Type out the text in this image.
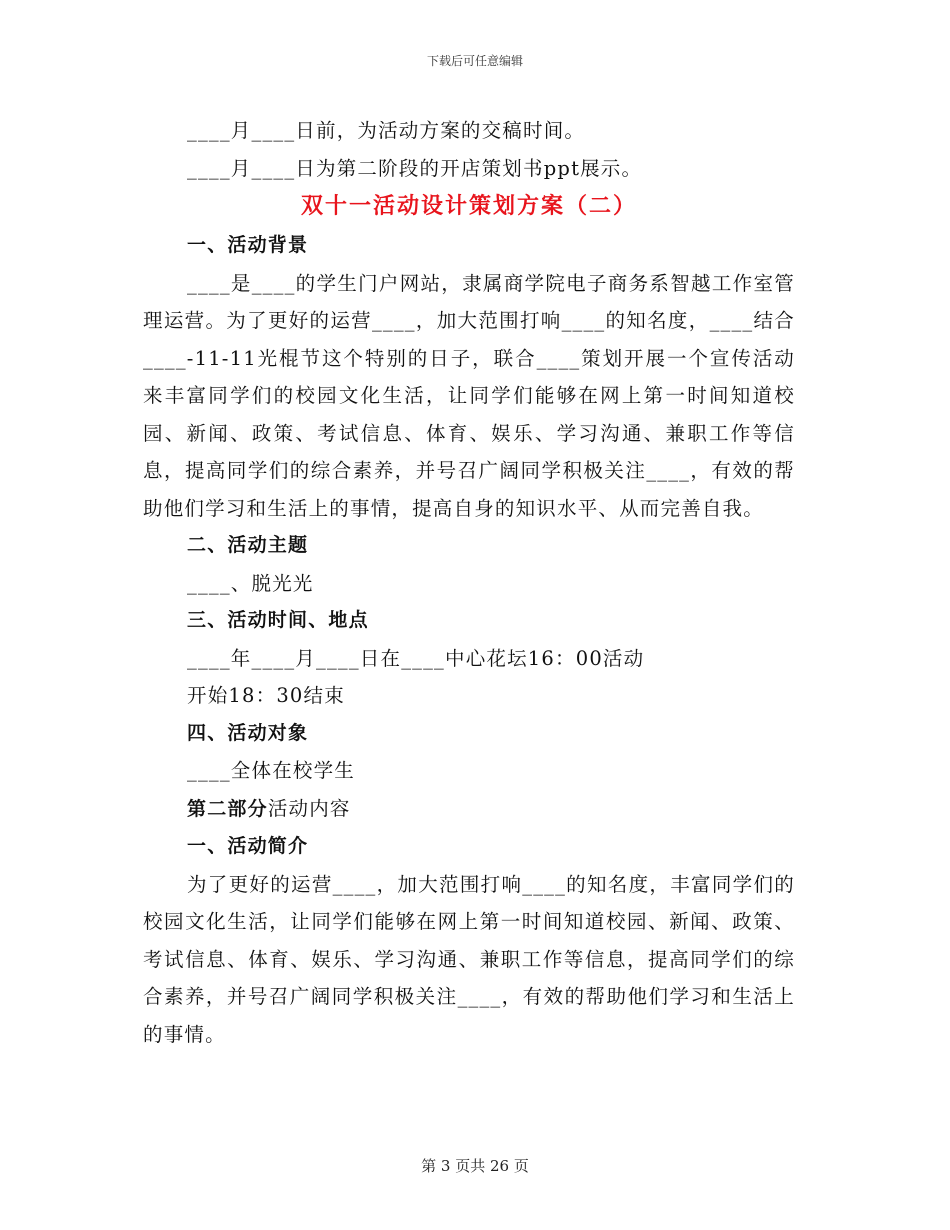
下载后可任意编辑

____月____日前，为活动方案的交稿时间。

____月____日为第二阶段的开店策划书ppt展示。

双十一活动设计策划方案（二）

一、活动背景

____是____的学生门户网站，隶属商学院电子商务系智越工作室管理运营。为了更好的运营____，加大范围打响____的知名度，____结合____-11-11光棍节这个特别的日子，联合____策划开展一个宣传活动来丰富同学们的校园文化生活，让同学们能够在网上第一时间知道校园、新闻、政策、考试信息、体育、娱乐、学习沟通、兼职工作等信息，提高同学们的综合素养，并号召广阔同学积极关注____，有效的帮助他们学习和生活上的事情，提高自身的知识水平、从而完善自我。

二、活动主题

____、脱光光

三、活动时间、地点

____年____月____日在____中心花坛16：00活动

开始18：30结束

四、活动对象

____全体在校学生

第二部分活动内容

一、活动简介

为了更好的运营____，加大范围打响____的知名度，丰富同学们的校园文化生活，让同学们能够在网上第一时间知道校园、新闻、政策、考试信息、体育、娱乐、学习沟通、兼职工作等信息，提高同学们的综合素养，并号召广阔同学积极关注____，有效的帮助他们学习和生活上的事情。

第 3 页共 26 页
